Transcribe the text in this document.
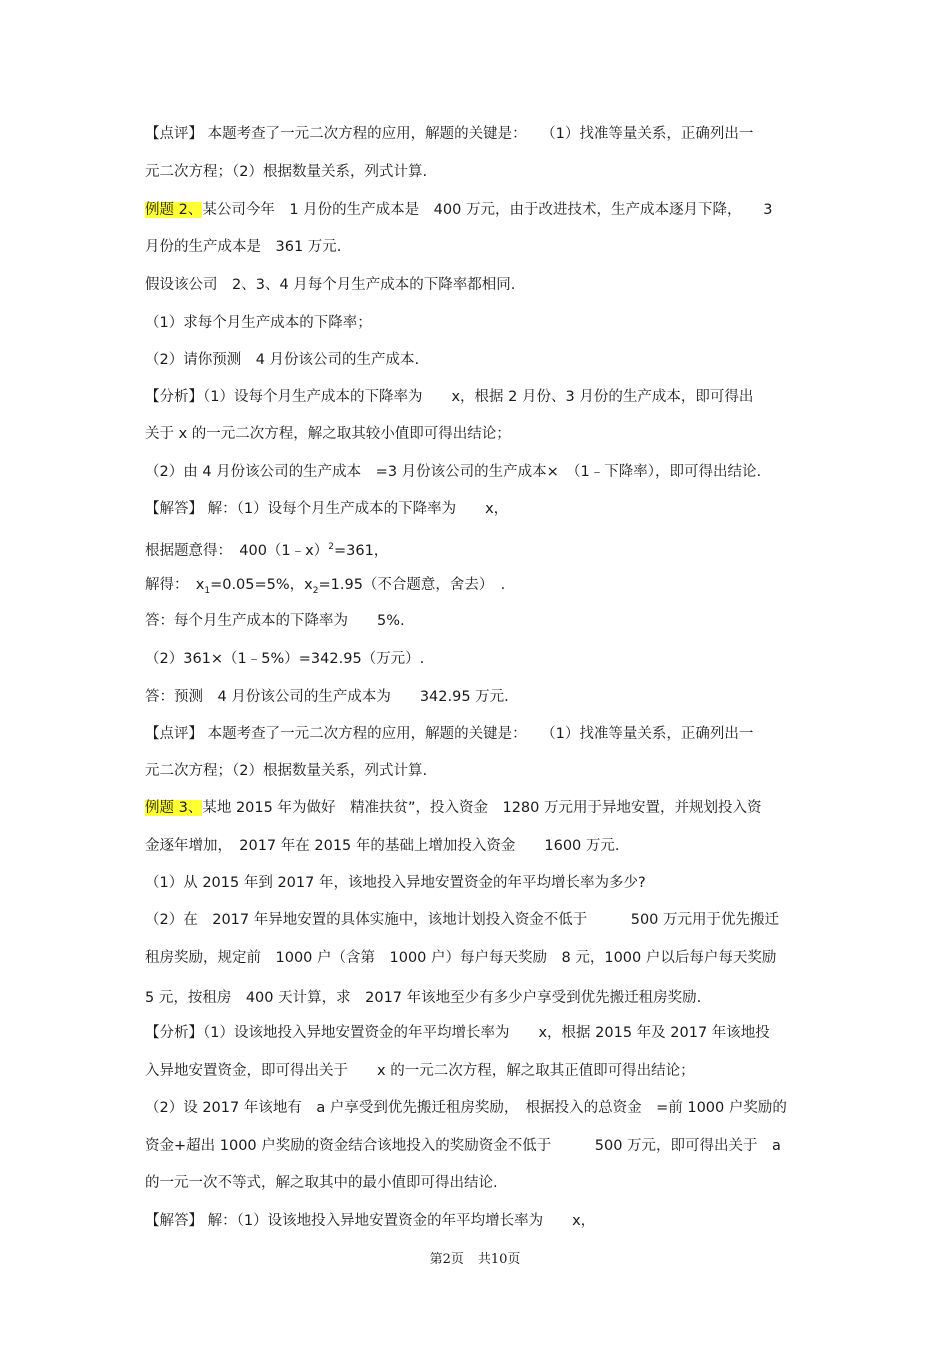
【点评】 本题考查了一元二次方程的应用，解题的关键是：　　（1）找准等量关系，正确列出一
元二次方程；（2）根据数量关系，列式计算.
例题 2、某公司今年　1 月份的生产成本是　400 万元，由于改进技术，生产成本逐月下降，　　3
月份的生产成本是　361 万元.
假设该公司　2、3、4 月每个月生产成本的下降率都相同.
（1）求每个月生产成本的下降率；
（2）请你预测　4 月份该公司的生产成本.
【分析】（1）设每个月生产成本的下降率为　　x，根据 2 月份、3 月份的生产成本，即可得出
关于 x 的一元二次方程，解之取其较小值即可得出结论；
（2）由 4 月份该公司的生产成本　=3 月份该公司的生产成本×　（1﹣下降率），即可得出结论.
【解答】 解：（1）设每个月生产成本的下降率为　　x，
根据题意得：　400（1﹣x）$^2$=361，
解得：　$x_1=0.05=5\%$，$x_2=1.95$（不合题意，舍去）　.
答：每个月生产成本的下降率为　　5%.
（2）361×（1﹣5%）=342.95（万元）.
答：预测　4 月份该公司的生产成本为　　342.95 万元.
【点评】 本题考查了一元二次方程的应用，解题的关键是：　　（1）找准等量关系，正确列出一
元二次方程；（2）根据数量关系，列式计算.
例题 3、某地 2015 年为做好　精准扶贫”，投入资金　1280 万元用于异地安置，并规划投入资
金逐年增加，　2017 年在 2015 年的基础上增加投入资金　　1600 万元.
（1）从 2015 年到 2017 年，该地投入异地安置资金的年平均增长率为多少?
（2）在　2017 年异地安置的具体实施中，该地计划投入资金不低于　　　500 万元用于优先搬迁
租房奖励，规定前　1000 户（含第　1000 户）每户每天奖励　8 元，1000 户以后每户每天奖励
5 元，按租房　400 天计算，求　2017 年该地至少有多少户享受到优先搬迁租房奖励.
【分析】（1）设该地投入异地安置资金的年平均增长率为　　x，根据 2015 年及 2017 年该地投
入异地安置资金，即可得出关于　　x 的一元二次方程，解之取其正值即可得出结论；
（2）设 2017 年该地有　a 户享受到优先搬迁租房奖励，　根据投入的总资金　=前 1000 户奖励的
资金+超出 1000 户奖励的资金结合该地投入的奖励资金不低于　　　500 万元，即可得出关于　a
的一元一次不等式，解之取其中的最小值即可得出结论.
【解答】 解：（1）设该地投入异地安置资金的年平均增长率为　　x，
第2页 共10页
